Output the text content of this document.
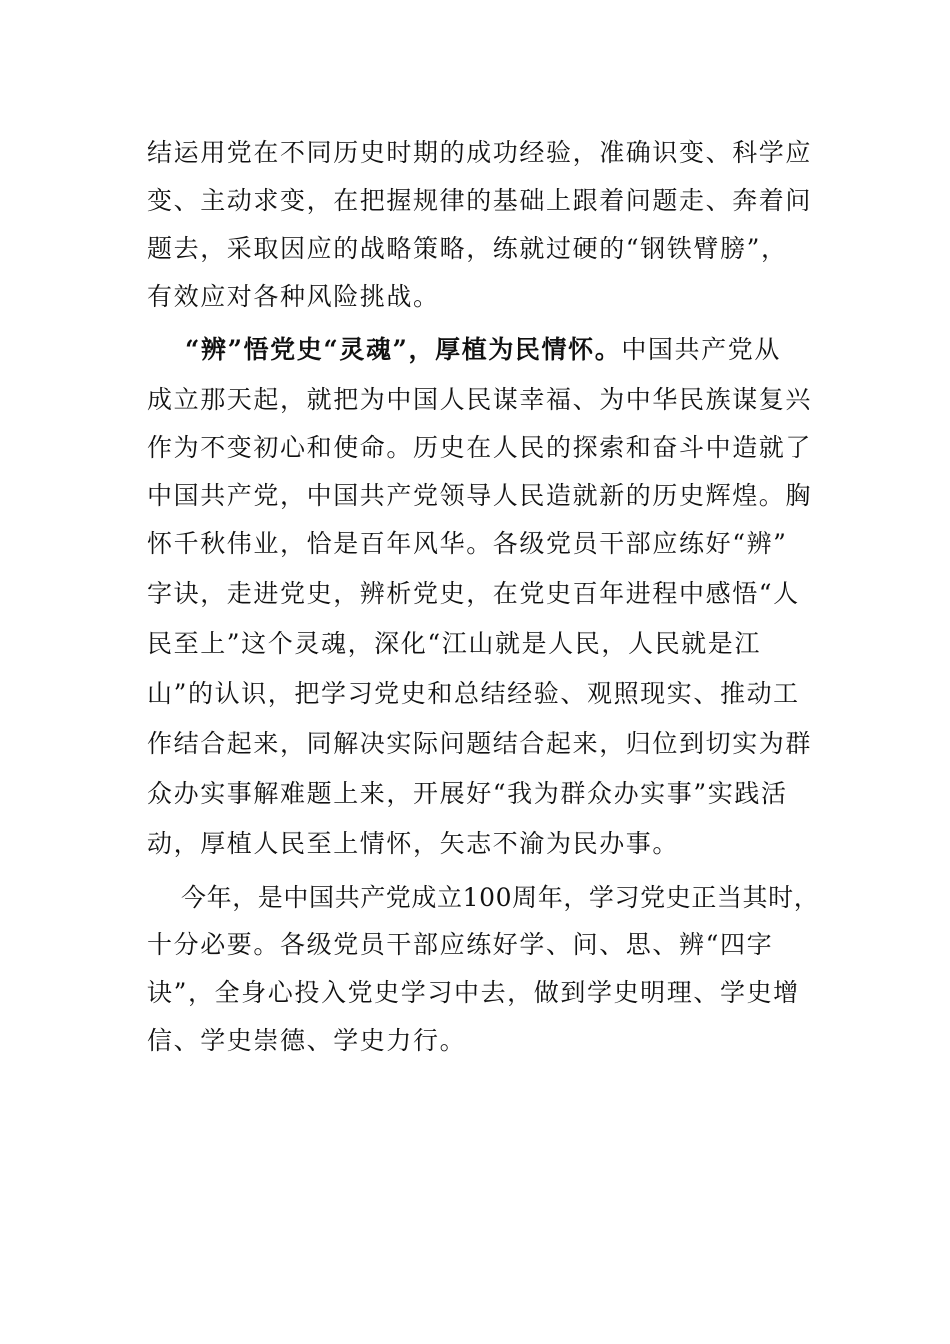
结运用党在不同历史时期的成功经验，准确识变、科学应
变、主动求变，在把握规律的基础上跟着问题走、奔着问
题去，采取因应的战略策略，练就过硬的“钢铁臂膀”，
有效应对各种风险挑战。
“辨”悟党史“灵魂”，厚植为民情怀。中国共产党从
成立那天起，就把为中国人民谋幸福、为中华民族谋复兴
作为不变初心和使命。历史在人民的探索和奋斗中造就了
中国共产党，中国共产党领导人民造就新的历史辉煌。胸
怀千秋伟业，恰是百年风华。各级党员干部应练好“辨”
字诀，走进党史，辨析党史，在党史百年进程中感悟“人
民至上”这个灵魂，深化“江山就是人民，人民就是江
山”的认识，把学习党史和总结经验、观照现实、推动工
作结合起来，同解决实际问题结合起来，归位到切实为群
众办实事解难题上来，开展好“我为群众办实事”实践活
动，厚植人民至上情怀，矢志不渝为民办事。
今年，是中国共产党成立100周年，学习党史正当其时，
十分必要。各级党员干部应练好学、问、思、辨“四字
诀”，全身心投入党史学习中去，做到学史明理、学史增
信、学史崇德、学史力行。
